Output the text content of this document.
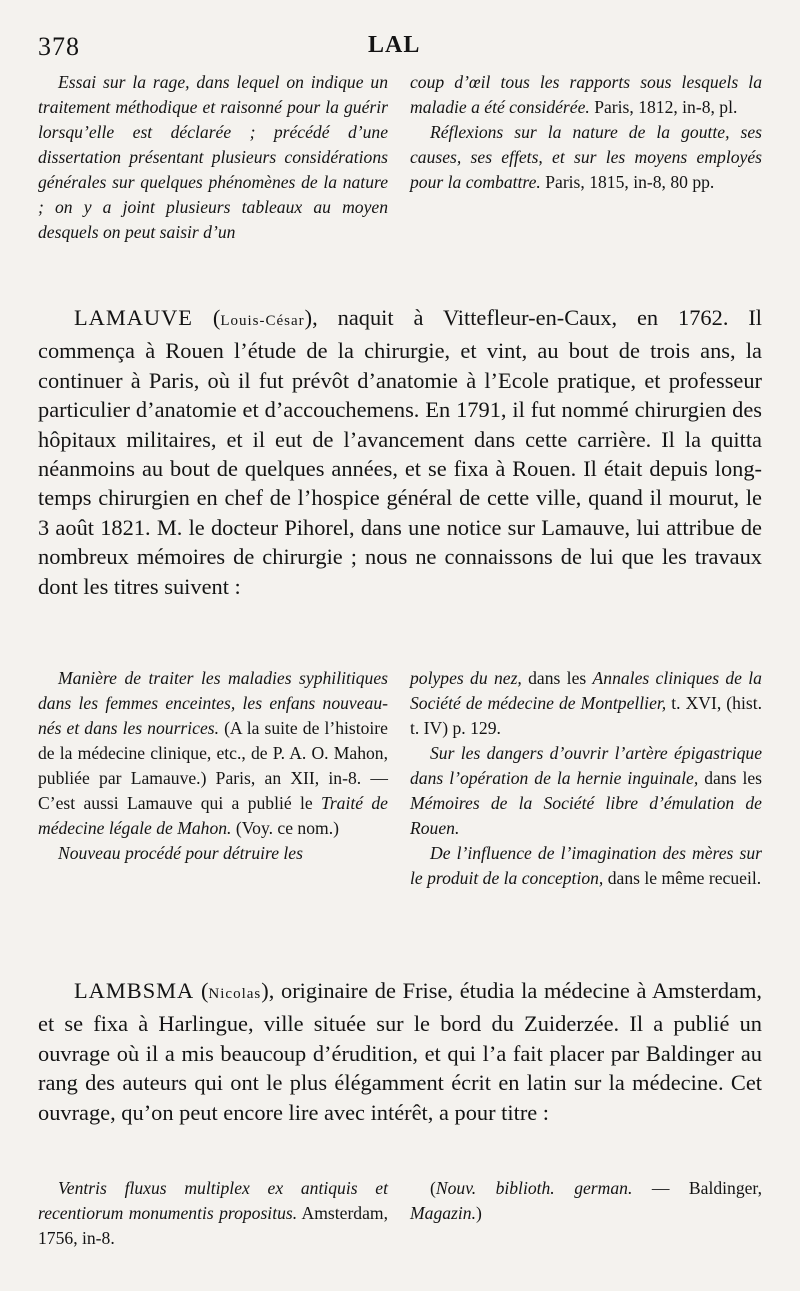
378	LAL

Essai sur la rage, dans lequel on indique un traitement méthodique et raisonné pour la guérir lorsqu’elle est déclarée ; précédé d’une dissertation présentant plusieurs considérations générales sur quelques phénomènes de la nature ; on y a joint plusieurs tableaux au moyen desquels on peut saisir d’un

coup d’œil tous les rapports sous lesquels la maladie a été considérée. Paris, 1812, in-8, pl.

Réflexions sur la nature de la goutte, ses causes, ses effets, et sur les moyens employés pour la combattre. Paris, 1815, in-8, 80 pp.

LAMAUVE (Louis-César), naquit à Vittefleur-en-Caux, en 1762. Il commença à Rouen l’étude de la chirurgie, et vint, au bout de trois ans, la continuer à Paris, où il fut prévôt d’anatomie à l’Ecole pratique, et professeur particulier d’anatomie et d’accouchemens. En 1791, il fut nommé chirurgien des hôpitaux militaires, et il eut de l’avancement dans cette carrière. Il la quitta néanmoins au bout de quelques années, et se fixa à Rouen. Il était depuis long-temps chirurgien en chef de l’hospice général de cette ville, quand il mourut, le 3 août 1821. M. le docteur Pihorel, dans une notice sur Lamauve, lui attribue de nombreux mémoires de chirurgie ; nous ne connaissons de lui que les travaux dont les titres suivent :

Manière de traiter les maladies syphilitiques dans les femmes enceintes, les enfans nouveau-nés et dans les nourrices. (A la suite de l’histoire de la médecine clinique, etc., de P. A. O. Mahon, publiée par Lamauve.) Paris, an XII, in-8. — C’est aussi Lamauve qui a publié le Traité de médecine légale de Mahon. (Voy. ce nom.)

Nouveau procédé pour détruire les

polypes du nez, dans les Annales cliniques de la Société de médecine de Montpellier, t. XVI, (hist. t. IV) p. 129.

Sur les dangers d’ouvrir l’artère épigastrique dans l’opération de la hernie inguinale, dans les Mémoires de la Société libre d’émulation de Rouen.

De l’influence de l’imagination des mères sur le produit de la conception, dans le même recueil.

LAMBSMA (Nicolas), originaire de Frise, étudia la médecine à Amsterdam, et se fixa à Harlingue, ville située sur le bord du Zuiderzée. Il a publié un ouvrage où il a mis beaucoup d’érudition, et qui l’a fait placer par Baldinger au rang des auteurs qui ont le plus élégamment écrit en latin sur la médecine. Cet ouvrage, qu’on peut encore lire avec intérêt, a pour titre :

Ventris fluxus multiplex ex antiquis et recentiorum monumentis propositus. Amsterdam, 1756, in-8.

(Nouv. biblioth. german. — Baldinger, Magazin.)
